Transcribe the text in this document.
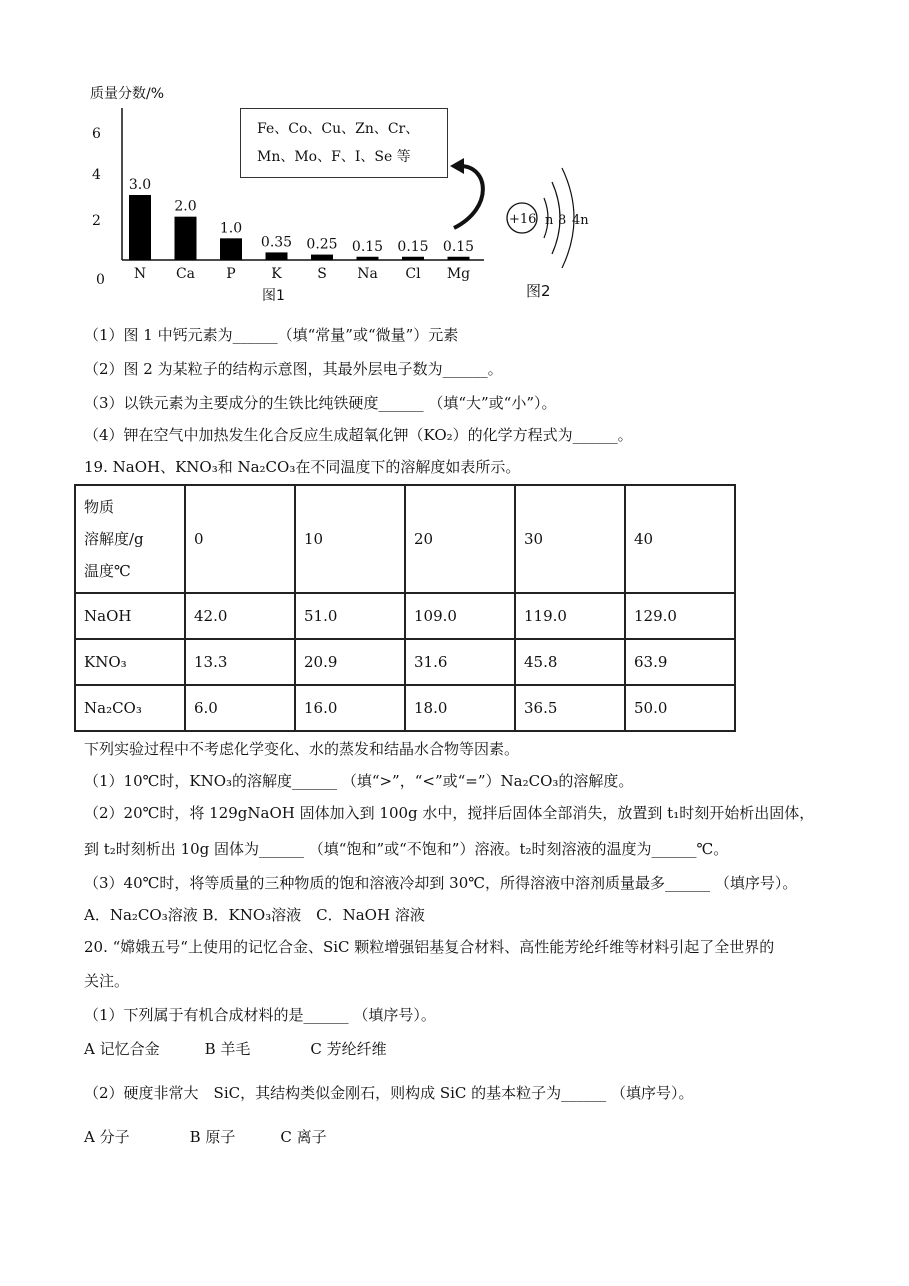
质量分数/%
6
4
2
0
3.0
N
2.0
Ca
1.0
P
0.35
K
0.25
S
0.15
Na
0.15
Cl
0.15
Mg
图1
Fe、Co、Cu、Zn、Cr、
Mn、Mo、F、I、Se 等
+16 n 8 4n
图2
（1）图 1 中钙元素为______（填“常量”或“微量”）元素
（2）图 2 为某粒子的结构示意图，其最外层电子数为______。
（3）以铁元素为主要成分的生铁比纯铁硬度______ （填“大”或“小”）。
（4）钾在空气中加热发生化合反应生成超氧化钾（KO₂）的化学方程式为______。
19. NaOH、KNO₃和 Na₂CO₃在不同温度下的溶解度如表所示。
物质
溶解度/g
温度℃	0	10	20	30	40
NaOH	42.0	51.0	109.0	119.0	129.0
KNO₃	13.3	20.9	31.6	45.8	63.9
Na₂CO₃	6.0	16.0	18.0	36.5	50.0
下列实验过程中不考虑化学变化、水的蒸发和结晶水合物等因素。
（1）10℃时，KNO₃的溶解度______ （填“>”，“<”或“=”）Na₂CO₃的溶解度。
（2）20℃时，将 129gNaOH 固体加入到 100g 水中，搅拌后固体全部消失，放置到 t₁时刻开始析出固体，
到 t₂时刻析出 10g 固体为______ （填“饱和”或“不饱和”）溶液。t₂时刻溶液的温度为______℃。
（3）40℃时，将等质量的三种物质的饱和溶液冷却到 30℃，所得溶液中溶剂质量最多______ （填序号）。
A．Na₂CO₃溶液 B．KNO₃溶液　C．NaOH 溶液
20. “嫦娥五号“上使用的记忆合金、SiC 颗粒增强铝基复合材料、高性能芳纶纤维等材料引起了全世界的
关注。
（1）下列属于有机合成材料的是______ （填序号）。
A 记忆合金　　　B 羊毛　　　　C 芳纶纤维
（2）硬度非常大　SiC，其结构类似金刚石，则构成 SiC 的基本粒子为______ （填序号）。
A 分子　　　　B 原子　　　C 离子
